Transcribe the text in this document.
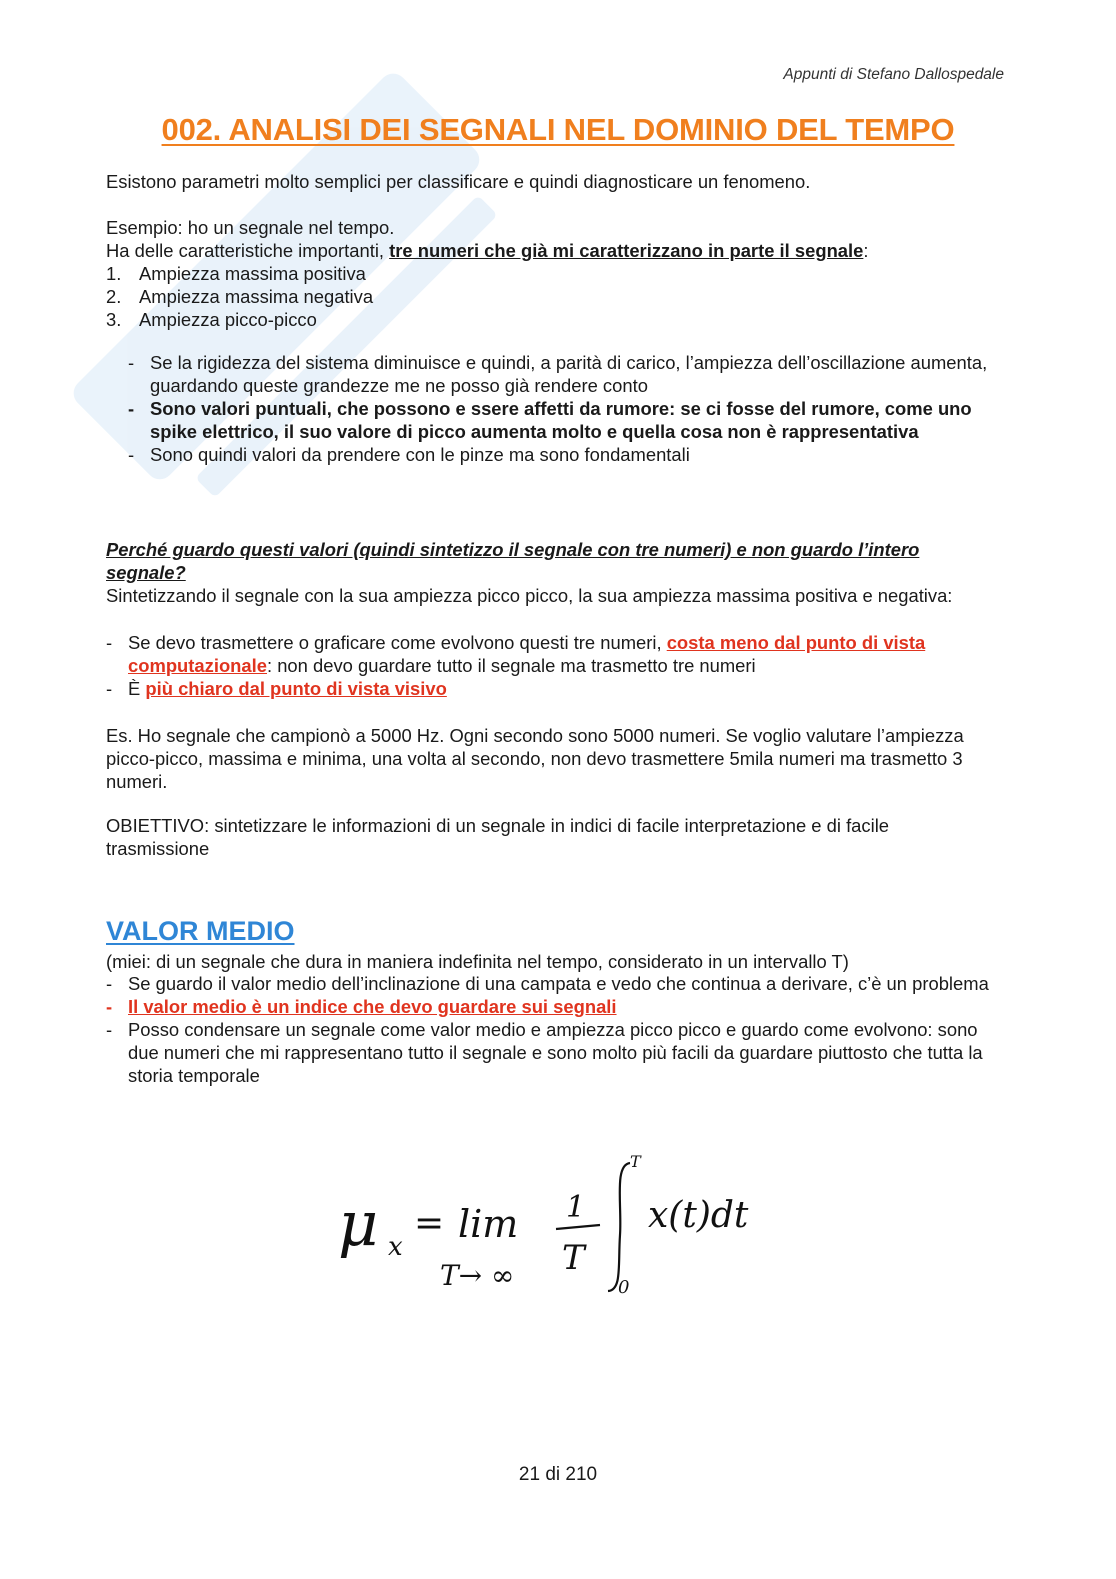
Appunti di Stefano Dallospedale
002. ANALISI DEI SEGNALI NEL DOMINIO DEL TEMPO

Esistono parametri molto semplici per classificare e quindi diagnosticare un fenomeno.

Esempio: ho un segnale nel tempo.

Ha delle caratteristiche importanti, tre numeri che già mi caratterizzano in parte il segnale:

1. Ampiezza massima positiva
2. Ampiezza massima negativa
3. Ampiezza picco-picco
- Se la rigidezza del sistema diminuisce e quindi, a parità di carico, l’ampiezza dell’oscillazione aumenta, guardando queste grandezze me ne posso già rendere conto
- Sono valori puntuali, che possono e ssere affetti da rumore: se ci fosse del rumore, come uno spike elettrico, il suo valore di picco aumenta molto e quella cosa non è rappresentativa
- Sono quindi valori da prendere con le pinze ma sono fondamentali

Perché guardo questi valori (quindi sintetizzo il segnale con tre numeri) e non guardo l’intero segnale?

Sintetizzando il segnale con la sua ampiezza picco picco, la sua ampiezza massima positiva e negativa:

- Se devo trasmettere o graficare come evolvono questi tre numeri, costa meno dal punto di vista computazionale: non devo guardare tutto il segnale ma trasmetto tre numeri
- È più chiaro dal punto di vista visivo

Es. Ho segnale che campionò a 5000 Hz. Ogni secondo sono 5000 numeri. Se voglio valutare l’ampiezza picco-picco, massima e minima, una volta al secondo, non devo trasmettere 5mila numeri ma trasmetto 3 numeri.

OBIETTIVO: sintetizzare le informazioni di un segnale in indici di facile interpretazione e di facile trasmissione

VALOR MEDIO

(miei: di un segnale che dura in maniera indefinita nel tempo, considerato in un intervallo T)

- Se guardo il valor medio dell’inclinazione di una campata e vedo che continua a derivare, c’è un problema
- Il valor medio è un indice che devo guardare sui segnali
- Posso condensare un segnale come valor medio e ampiezza picco picco e guardo come evolvono: sono due numeri che mi rappresentano tutto il segnale e sono molto più facili da guardare piuttosto che tutta la storia temporale
μ x
= lim
T→ ∞
1
T
T
0
x(t)dt
21 di 210
